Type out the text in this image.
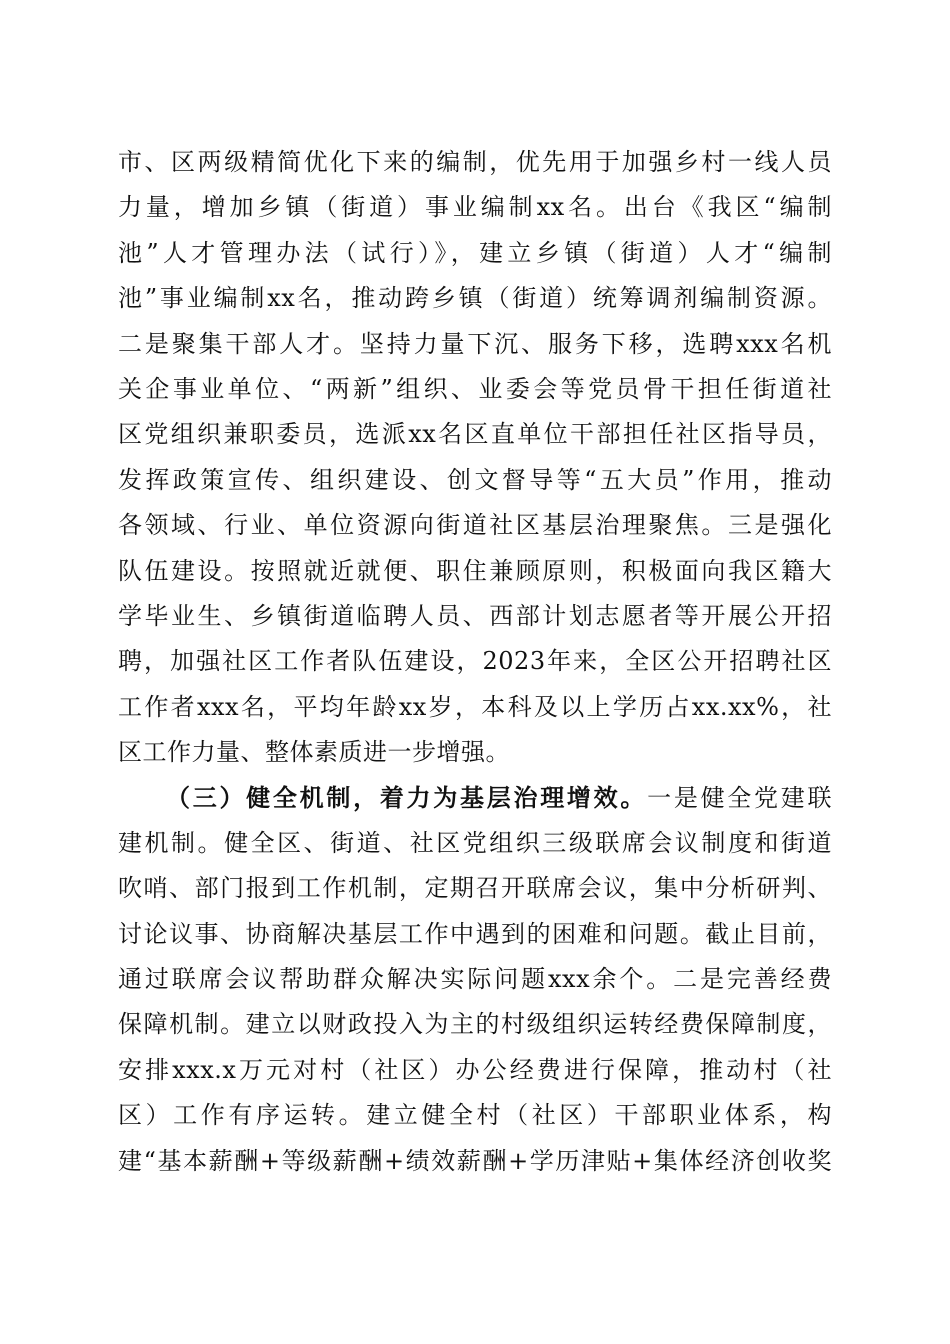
市、区两级精简优化下来的编制，优先用于加强乡村一线人员
力量，增加乡镇（街道）事业编制xx名。出台《我区“编制
池”人才管理办法（试行）》，建立乡镇（街道）人才“编制
池”事业编制xx名，推动跨乡镇（街道）统筹调剂编制资源。
二是聚集干部人才。坚持力量下沉、服务下移，选聘xxx名机
关企事业单位、“两新”组织、业委会等党员骨干担任街道社
区党组织兼职委员，选派xx名区直单位干部担任社区指导员，
发挥政策宣传、组织建设、创文督导等“五大员”作用，推动
各领域、行业、单位资源向街道社区基层治理聚焦。三是强化
队伍建设。按照就近就便、职住兼顾原则，积极面向我区籍大
学毕业生、乡镇街道临聘人员、西部计划志愿者等开展公开招
聘，加强社区工作者队伍建设，2023年来，全区公开招聘社区
工作者xxx名，平均年龄xx岁，本科及以上学历占xx.xx%，社
区工作力量、整体素质进一步增强。
（三）健全机制，着力为基层治理增效。一是健全党建联
建机制。健全区、街道、社区党组织三级联席会议制度和街道
吹哨、部门报到工作机制，定期召开联席会议，集中分析研判、
讨论议事、协商解决基层工作中遇到的困难和问题。截止目前，
通过联席会议帮助群众解决实际问题xxx余个。二是完善经费
保障机制。建立以财政投入为主的村级组织运转经费保障制度，
安排xxx.x万元对村（社区）办公经费进行保障，推动村（社
区）工作有序运转。建立健全村（社区）干部职业体系，构
建“基本薪酬+等级薪酬+绩效薪酬+学历津贴+集体经济创收奖
